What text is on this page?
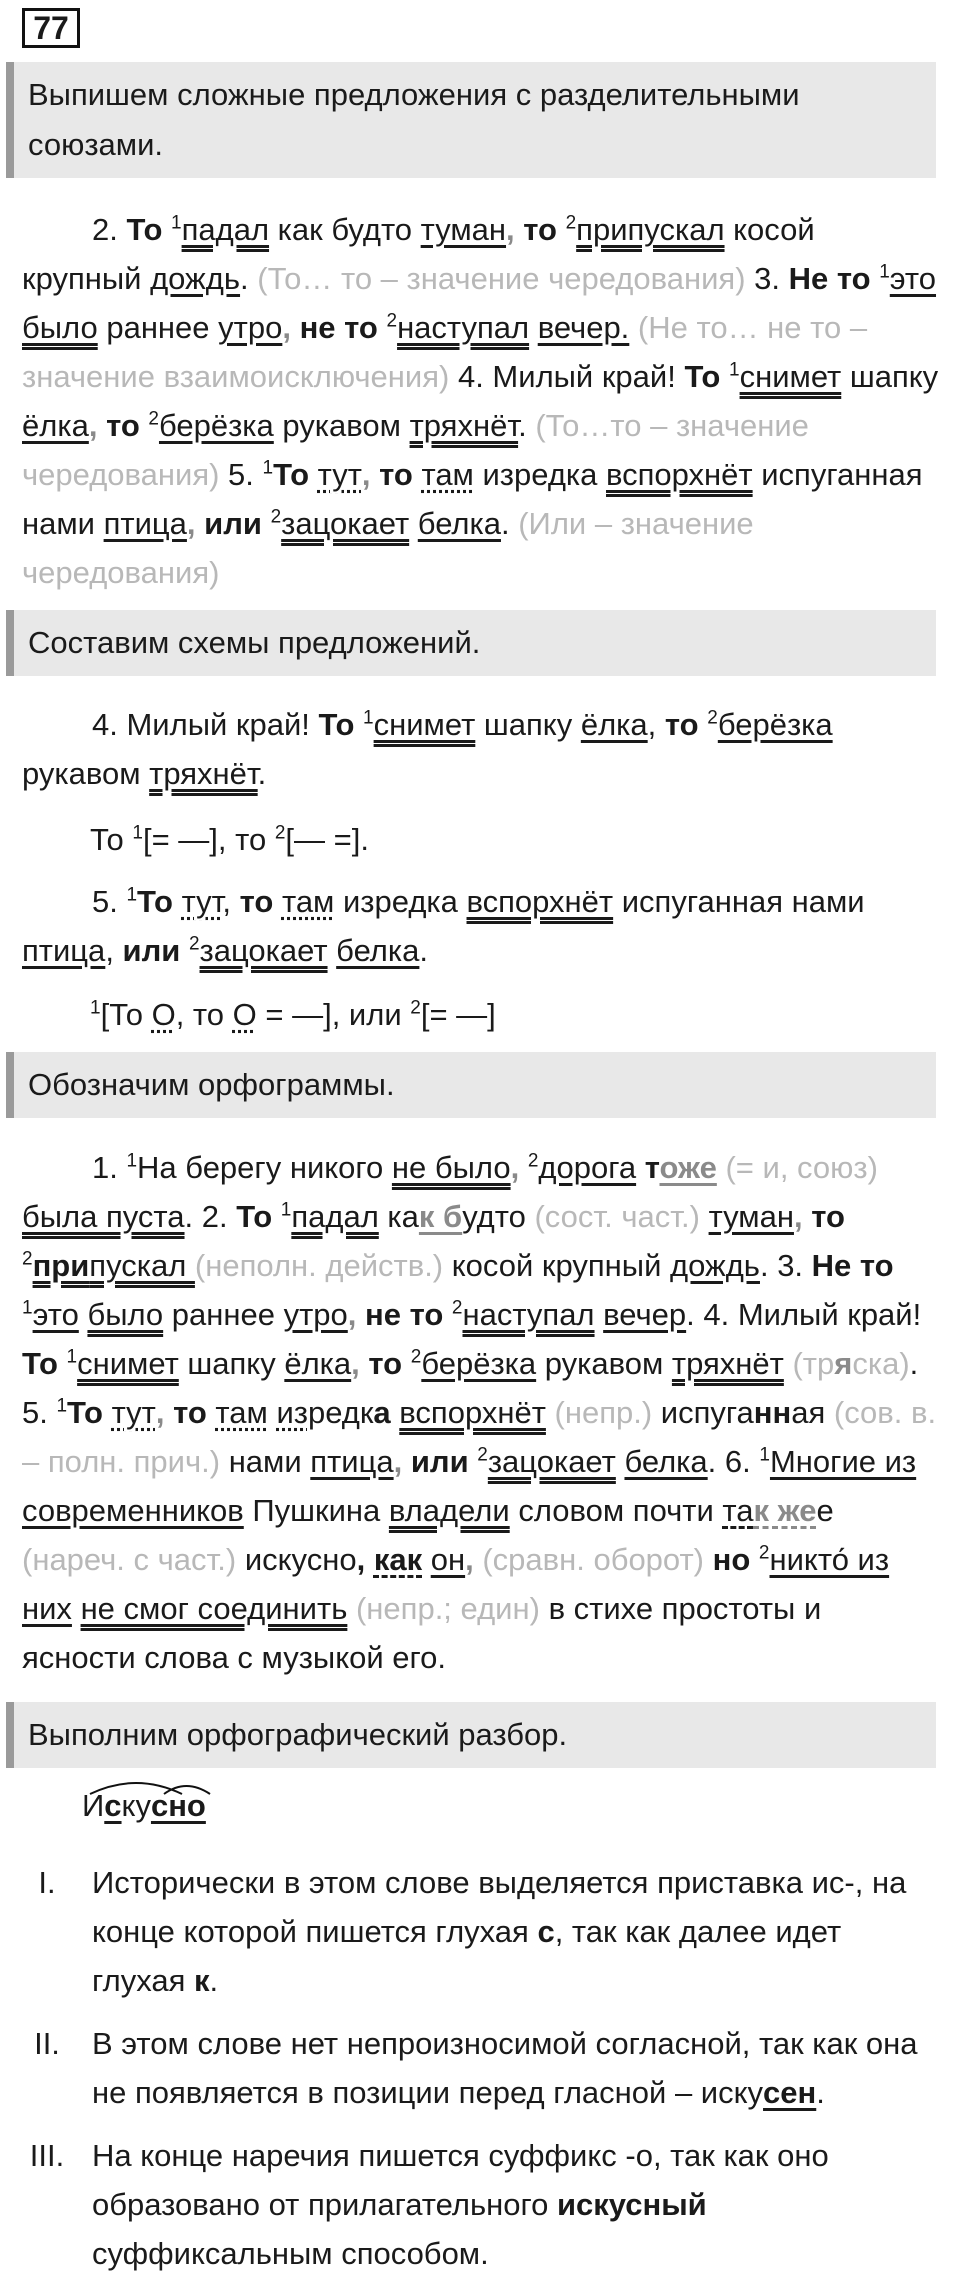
77
Выпишем сложные предложения с разделительными союзами.
2. То $^1$падал как будто туман, то $^2$припускал косой крупный дождь. (То… то – значение чередования) 3. Не то $^1$это было раннее утро, не то $^2$наступал вечер. (Не то… не то – значение взаимоисключения) 4. Милый край! То $^1$снимет шапку ёлка, то $^2$берёзка рукавом тряхнёт. (То…то – значение чередования) 5. $^1$То тут, то там изредка вспорхнёт испуганная нами птица, или $^2$зацокает белка. (Или – значение чередования)
Составим схемы предложений.
4. Милый край! То $^1$снимет шапку ёлка, то $^2$берёзка рукавом тряхнёт.
То $^1$[= —], то $^2$[— =].
5. $^1$То тут, то там изредка вспорхнёт испуганная нами птица, или $^2$зацокает белка.
$^1$[То О, то О = —], или $^2$[= —]
Обозначим орфограммы.
1. $^1$На берегу никого не было, $^2$дорога тоже (= и, союз) была пуста. 2. То $^1$падал как будто (сост. част.) туман, то $^2$припускал (неполн. действ.) косой крупный дождь. 3. Не то $^1$это было раннее утро, не то $^2$наступал вечер. 4. Милый край! То $^1$снимет шапку ёлка, то $^2$берёзка рукавом тряхнёт (тряска). 5. $^1$То тут, то там изредка вспорхнёт (непр.) испуганная (сов. в. – полн. прич.) нами птица, или $^2$зацокает белка. 6. $^1$Многие из современников Пушкина владели словом почти так жее (нареч. с част.) искусно, как он, (сравн. оборот) но $^2$никто́ из них не смог соединить (непр.; един) в стихе простоты и ясности слова с музыкой его.
Выполним орфографический разбор.
Искусно
I.	Исторически в этом слове выделяется приставка ис-, на конце которой пишется глухая с, так как далее идет глухая к.
II.	В этом слове нет непроизносимой согласной, так как она не появляется в позиции перед гласной – искусен.
III. На конце наречия пишется суффикс -о, так как оно образовано от прилагательного искусный суффиксальным способом.
